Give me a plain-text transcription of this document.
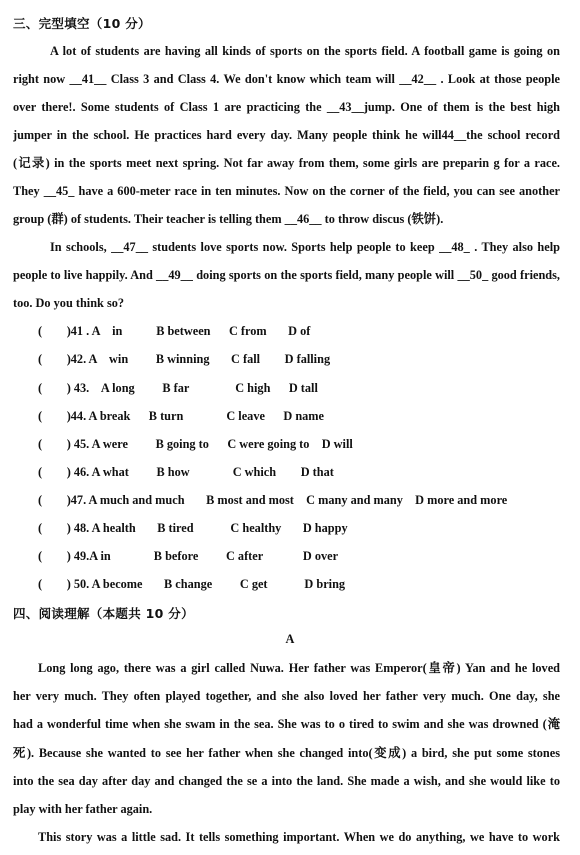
三、完型填空（10 分）
A lot of students are having all kinds of sports on the sports field. A football game is going on
right now __41__ Class 3 and Class 4. We don't know which team will __42__ . Look at those people
over there!. Some students of Class 1 are practicing the __43__jump. One of them is the best high
jumper in the school. He practices hard every day. Many people think he will44__the school record
(记录) in the sports meet next spring. Not far away from them, some girls are preparin g for a race.
They __45_ have a 600-meter race in ten minutes. Now on the corner of the field, you can see another
group (群) of students. Their teacher is telling them __46__ to throw discus (铁饼).
In schools, __47__ students love sports now. Sports help people to keep __48_ . They also help
people to live happily. And __49__ doing sports on the sports field, many people will __50_ good friends,
too. Do you think so?
(        )41 . A    in           B between      C from       D of
(        )42. A    win         B winning       C fall        D falling
(        ) 43.    A long         B far               C high      D tall
(        )44. A break      B turn              C leave      D name
(        ) 45. A were         B going to      C were going to    D will
(        ) 46. A what         B how              C which        D that
(        )47. A much and much       B most and most    C many and many    D more and more
(        ) 48. A health       B tired            C healthy       D happy
(        ) 49.A in              B before         C after             D over
(        ) 50. A become       B change         C get            D bring
四、阅读理解（本题共 10 分）
A
Long long ago, there was a girl called Nuwa. Her father was Emperor(皇帝) Yan and he loved
her very much. They often played together, and she also loved her father very much. One day, she
had a wonderful time when she swam in the sea. She was to o tired to swim and she was drowned (淹
死). Because she wanted to see her father when she changed into(变成) a bird, she put some stones
into the sea day after day and changed the se a into the land. She made a wish, and she would like to
play with her father again.
This story was a little sad. It tells something important. When we do anything, we have to work
